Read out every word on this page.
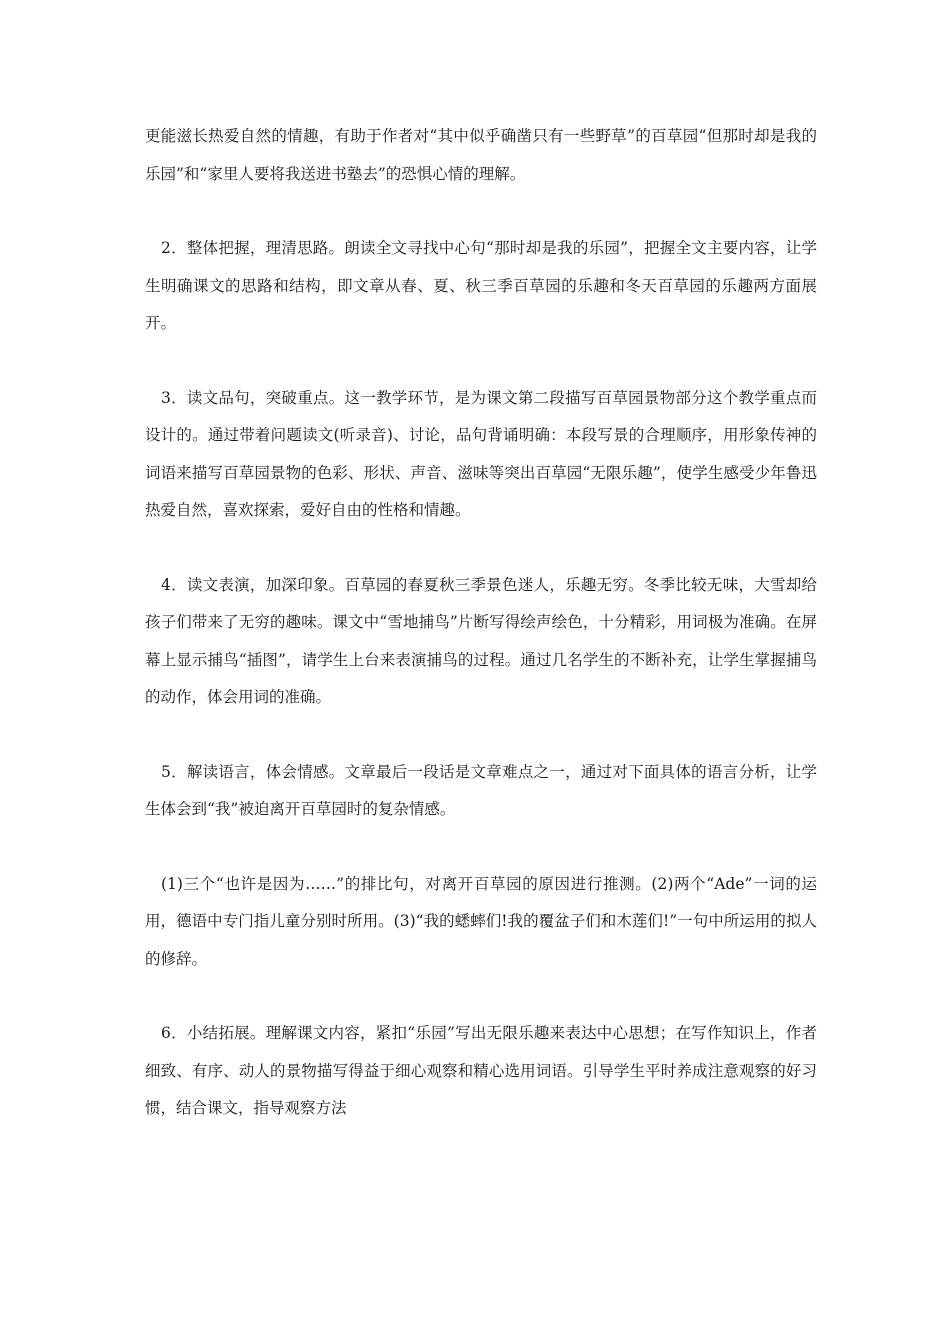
更能滋长热爱自然的情趣，有助于作者对“其中似乎确凿只有一些野草”的百草园“但那时却是我的乐园”和“家里人要将我送进书塾去”的恐惧心情的理解。

2．整体把握，理清思路。朗读全文寻找中心句“那时却是我的乐园”，把握全文主要内容，让学生明确课文的思路和结构，即文章从春、夏、秋三季百草园的乐趣和冬天百草园的乐趣两方面展开。

3．读文品句，突破重点。这一教学环节，是为课文第二段描写百草园景物部分这个教学重点而设计的。通过带着问题读文(听录音)、讨论，品句背诵明确：本段写景的合理顺序，用形象传神的词语来描写百草园景物的色彩、形状、声音、滋味等突出百草园“无限乐趣”，使学生感受少年鲁迅热爱自然，喜欢探索，爱好自由的性格和情趣。

4．读文表演，加深印象。百草园的春夏秋三季景色迷人，乐趣无穷。冬季比较无味，大雪却给孩子们带来了无穷的趣味。课文中“雪地捕鸟”片断写得绘声绘色，十分精彩，用词极为准确。在屏幕上显示捕鸟“插图”，请学生上台来表演捕鸟的过程。通过几名学生的不断补充，让学生掌握捕鸟的动作，体会用词的准确。

5．解读语言，体会情感。文章最后一段话是文章难点之一，通过对下面具体的语言分析，让学生体会到“我”被迫离开百草园时的复杂情感。

(1)三个“也许是因为……”的排比句，对离开百草园的原因进行推测。(2)两个“Ade”一词的运用，德语中专门指儿童分别时所用。(3)“我的蟋蟀们!我的覆盆子们和木莲们!”一句中所运用的拟人的修辞。

6．小结拓展。理解课文内容，紧扣“乐园”写出无限乐趣来表达中心思想；在写作知识上，作者细致、有序、动人的景物描写得益于细心观察和精心选用词语。引导学生平时养成注意观察的好习惯，结合课文，指导观察方法
